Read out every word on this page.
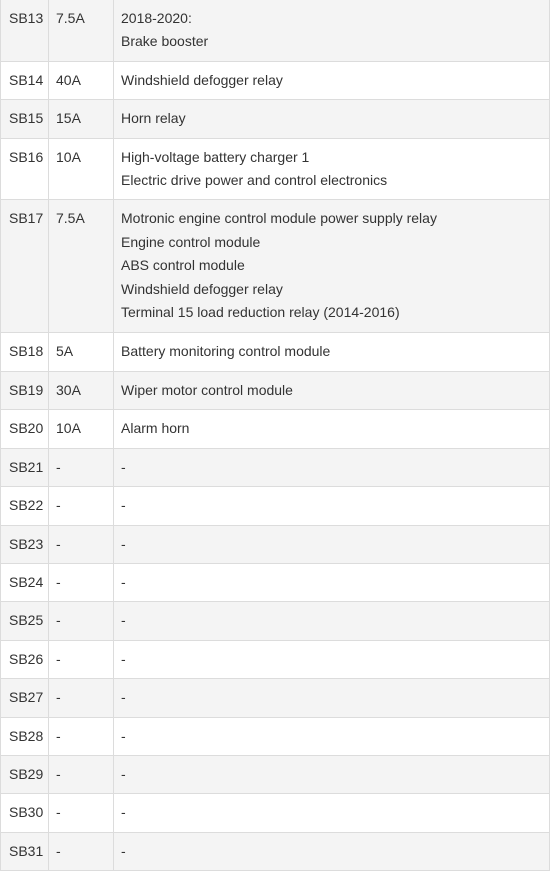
SB13	7.5A	2018-2020:
Brake booster

SB14	40A	Windshield defogger relay

SB15	15A	Horn relay

SB16	10A	High-voltage battery charger 1
Electric drive power and control electronics

SB17	7.5A	Motronic engine control module power supply relay
Engine control module
ABS control module
Windshield defogger relay
Terminal 15 load reduction relay (2014-2016)

SB18	5A	Battery monitoring control module

SB19	30A	Wiper motor control module

SB20	10A	Alarm horn

SB21	-	-

SB22	-	-

SB23	-	-

SB24	-	-

SB25	-	-

SB26	-	-

SB27	-	-

SB28	-	-

SB29	-	-

SB30	-	-

SB31	-	-
